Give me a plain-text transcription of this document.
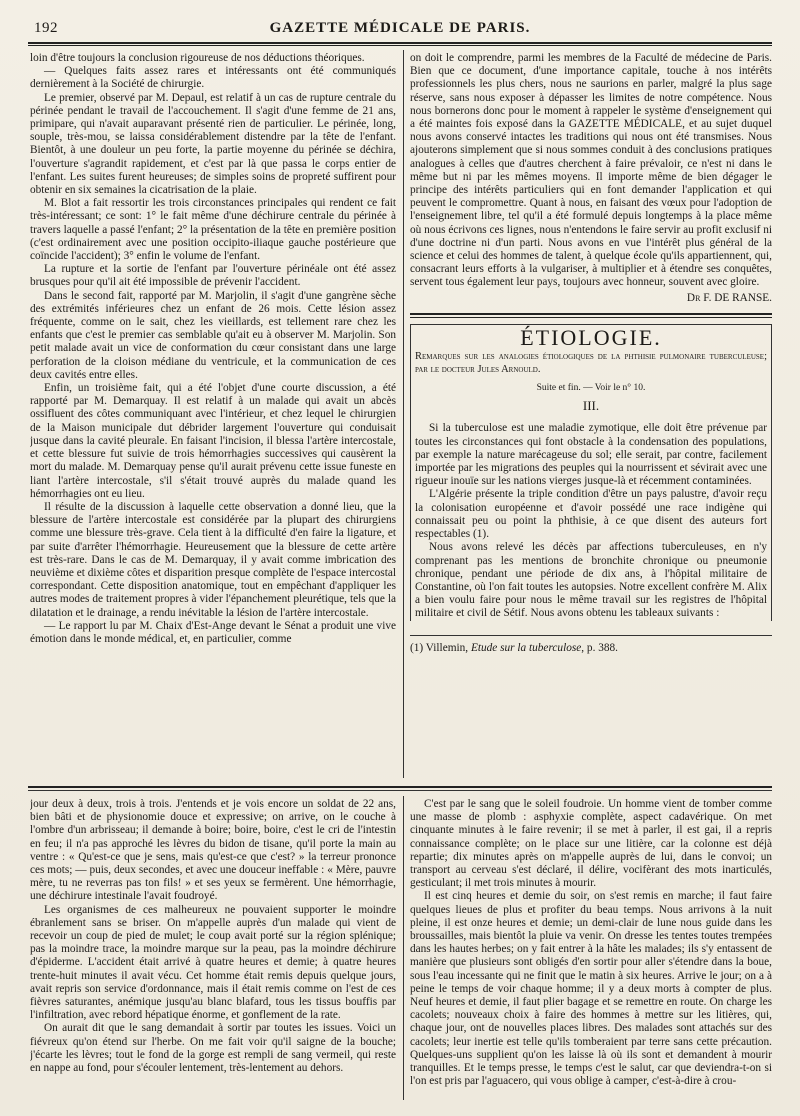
192	GAZETTE MÉDICALE DE PARIS.

loin d'être toujours la conclusion rigoureuse de nos déductions théoriques.

— Quelques faits assez rares et intéressants ont été communiqués dernièrement à la Société de chirurgie.

Le premier, observé par M. Depaul, est relatif à un cas de rupture centrale du périnée pendant le travail de l'accouchement. Il s'agit d'une femme de 21 ans, primipare, qui n'avait auparavant présenté rien de particulier. Le périnée, long, souple, très-mou, se laissa considérablement distendre par la tête de l'enfant. Bientôt, à une douleur un peu forte, la partie moyenne du périnée se déchira, l'ouverture s'agrandit rapidement, et c'est par là que passa le corps entier de l'enfant. Les suites furent heureuses; de simples soins de propreté suffirent pour obtenir en six semaines la cicatrisation de la plaie.

M. Blot a fait ressortir les trois circonstances principales qui rendent ce fait très-intéressant; ce sont: 1° le fait même d'une déchirure centrale du périnée à travers laquelle a passé l'enfant; 2° la présentation de la tête en première position (c'est ordinairement avec une position occipito-iliaque gauche postérieure que coïncide l'accident); 3° enfin le volume de l'enfant.

La rupture et la sortie de l'enfant par l'ouverture périnéale ont été assez brusques pour qu'il ait été impossible de prévenir l'accident.

Dans le second fait, rapporté par M. Marjolin, il s'agit d'une gangrène sèche des extrémités inférieures chez un enfant de 26 mois. Cette lésion assez fréquente, comme on le sait, chez les vieillards, est tellement rare chez les enfants que c'est le premier cas semblable qu'ait eu à observer M. Marjolin. Son petit malade avait un vice de conformation du cœur consistant dans une large perforation de la cloison médiane du ventricule, et la communication de ces deux cavités entre elles.

Enfin, un troisième fait, qui a été l'objet d'une courte discussion, a été rapporté par M. Demarquay. Il est relatif à un malade qui avait un abcès ossifluent des côtes communiquant avec l'intérieur, et chez lequel le chirurgien de la Maison municipale dut débrider largement l'ouverture qui conduisait jusque dans la cavité pleurale. En faisant l'incision, il blessa l'artère intercostale, et cette blessure fut suivie de trois hémorrhagies successives qui causèrent la mort du malade. M. Demarquay pense qu'il aurait prévenu cette issue funeste en liant l'artère intercostale, s'il s'était trouvé auprès du malade quand les hémorrhagies ont eu lieu.

Il résulte de la discussion à laquelle cette observation a donné lieu, que la blessure de l'artère intercostale est considérée par la plupart des chirurgiens comme une blessure très-grave. Cela tient à la difficulté d'en faire la ligature, et par suite d'arrêter l'hémorrhagie. Heureusement que la blessure de cette artère est très-rare. Dans le cas de M. Demarquay, il y avait comme imbrication des neuvième et dixième côtes et disparition presque complète de l'espace intercostal correspondant. Cette disposition anatomique, tout en empêchant d'appliquer les autres modes de traitement propres à vider l'épanchement pleurétique, tels que la dilatation et le drainage, a rendu inévitable la lésion de l'artère intercostale.

— Le rapport lu par M. Chaix d'Est-Ange devant le Sénat a produit une vive émotion dans le monde médical, et, en particulier, comme

on doit le comprendre, parmi les membres de la Faculté de médecine de Paris. Bien que ce document, d'une importance capitale, touche à nos intérêts professionnels les plus chers, nous ne saurions en parler, malgré la plus sage réserve, sans nous exposer à dépasser les limites de notre compétence. Nous nous bornerons donc pour le moment à rappeler le système d'enseignement qui a été maintes fois exposé dans la GAZETTE MÉDICALE, et au sujet duquel nous avons conservé intactes les traditions qui nous ont été transmises. Nous ajouterons simplement que si nous sommes conduit à des conclusions pratiques analogues à celles que d'autres cherchent à faire prévaloir, ce n'est ni dans le même but ni par les mêmes moyens. Il importe même de bien dégager le principe des intérêts particuliers qui en font demander l'application et qui peuvent le compromettre. Quant à nous, en faisant des vœux pour l'adoption de l'enseignement libre, tel qu'il a été formulé depuis longtemps à la place même où nous écrivons ces lignes, nous n'entendons le faire servir au profit exclusif ni d'une doctrine ni d'un parti. Nous avons en vue l'intérêt plus général de la science et celui des hommes de talent, à quelque école qu'ils appartiennent, qui, consacrant leurs efforts à la vulgariser, à multiplier et à étendre ses conquêtes, servent tous également leur pays, toujours avec honneur, souvent avec gloire.

Dr F. DE RANSE.

ÉTIOLOGIE.
Remarques sur les analogies étiologiques de la phthisie pulmonaire tuberculeuse; par le docteur Jules Arnould.
Suite et fin. — Voir le n° 10.
III.

Si la tuberculose est une maladie zymotique, elle doit être prévenue par toutes les circonstances qui font obstacle à la condensation des populations, par exemple la nature marécageuse du sol; elle serait, par contre, facilement importée par les migrations des peuples qui la nourrissent et sévirait avec une rigueur inouïe sur les nations vierges jusque-là et récemment contaminées.

L'Algérie présente la triple condition d'être un pays palustre, d'avoir reçu la colonisation européenne et d'avoir possédé une race indigène qui connaissait peu ou point la phthisie, à ce que disent des auteurs fort respectables (1).

Nous avons relevé les décès par affections tuberculeuses, en n'y comprenant pas les mentions de bronchite chronique ou pneumonie chronique, pendant une période de dix ans, à l'hôpital militaire de Constantine, où l'on fait toutes les autopsies. Notre excellent confrère M. Alix a bien voulu faire pour nous le même travail sur les registres de l'hôpital militaire et civil de Sétif. Nous avons obtenu les tableaux suivants :

(1) Villemin, Etude sur la tuberculose, p. 388.

jour deux à deux, trois à trois. J'entends et je vois encore un soldat de 22 ans, bien bâti et de physionomie douce et expressive; on arrive, on le couche à l'ombre d'un arbrisseau; il demande à boire; boire, boire, c'est le cri de l'intestin en feu; il n'a pas approché les lèvres du bidon de tisane, qu'il porte la main au ventre : « Qu'est-ce que je sens, mais qu'est-ce que c'est? » la terreur prononce ces mots; — puis, deux secondes, et avec une douceur ineffable : « Mère, pauvre mère, tu ne reverras pas ton fils! » et ses yeux se fermèrent. Une hémorrhagie, une déchirure intestinale l'avait foudroyé.

Les organismes de ces malheureux ne pouvaient supporter le moindre ébranlement sans se briser. On m'appelle auprès d'un malade qui vient de recevoir un coup de pied de mulet; le coup avait porté sur la région splénique; pas la moindre trace, la moindre marque sur la peau, pas la moindre déchirure d'épiderme. L'accident était arrivé à quatre heures et demie; à quatre heures trente-huit minutes il avait vécu. Cet homme était remis depuis quelque jours, avait repris son service d'ordonnance, mais il était remis comme on l'est de ces fièvres saturantes, anémique jusqu'au blanc blafard, tous les tissus bouffis par l'infiltration, avec rebord hépatique énorme, et gonflement de la rate.

On aurait dit que le sang demandait à sortir par toutes les issues. Voici un fiévreux qu'on étend sur l'herbe. On me fait voir qu'il saigne de la bouche; j'écarte les lèvres; tout le fond de la gorge est rempli de sang vermeil, qui reste en nappe au fond, pour s'écouler lentement, très-lentement au dehors.

C'est par le sang que le soleil foudroie. Un homme vient de tomber comme une masse de plomb : asphyxie complète, aspect cadavérique. On met cinquante minutes à le faire revenir; il se met à parler, il est gai, il a repris connaissance complète; on le place sur une litière, car la colonne est déjà repartie; dix minutes après on m'appelle auprès de lui, dans le convoi; un transport au cerveau s'est déclaré, il délire, vocifèrant des mots inarticulés, gesticulant; il met trois minutes à mourir.

Il est cinq heures et demie du soir, on s'est remis en marche; il faut faire quelques lieues de plus et profiter du beau temps. Nous arrivons à la nuit pleine, il est onze heures et demie; un demi-clair de lune nous guide dans les broussailles, mais bientôt la pluie va venir. On dresse les tentes toutes trempées dans les hautes herbes; on y fait entrer à la hâte les malades; ils s'y entassent de manière que plusieurs sont obligés d'en sortir pour aller s'étendre dans la boue, sous l'eau incessante qui ne finit que le matin à six heures. Arrive le jour; on a à peine le temps de voir chaque homme; il y a deux morts à compter de plus. Neuf heures et demie, il faut plier bagage et se remettre en route. On charge les cacolets; nouveaux choix à faire des hommes à mettre sur les litières, qui, chaque jour, ont de nouvelles places libres. Des malades sont attachés sur des cacolets; leur inertie est telle qu'ils tomberaient par terre sans cette précaution. Quelques-uns supplient qu'on les laisse là où ils sont et demandent à mourir tranquilles. Et le temps presse, le temps c'est le salut, car que deviendra-t-on si l'on est pris par l'aguacero, qui vous oblige à camper, c'est-à-dire à crou-
